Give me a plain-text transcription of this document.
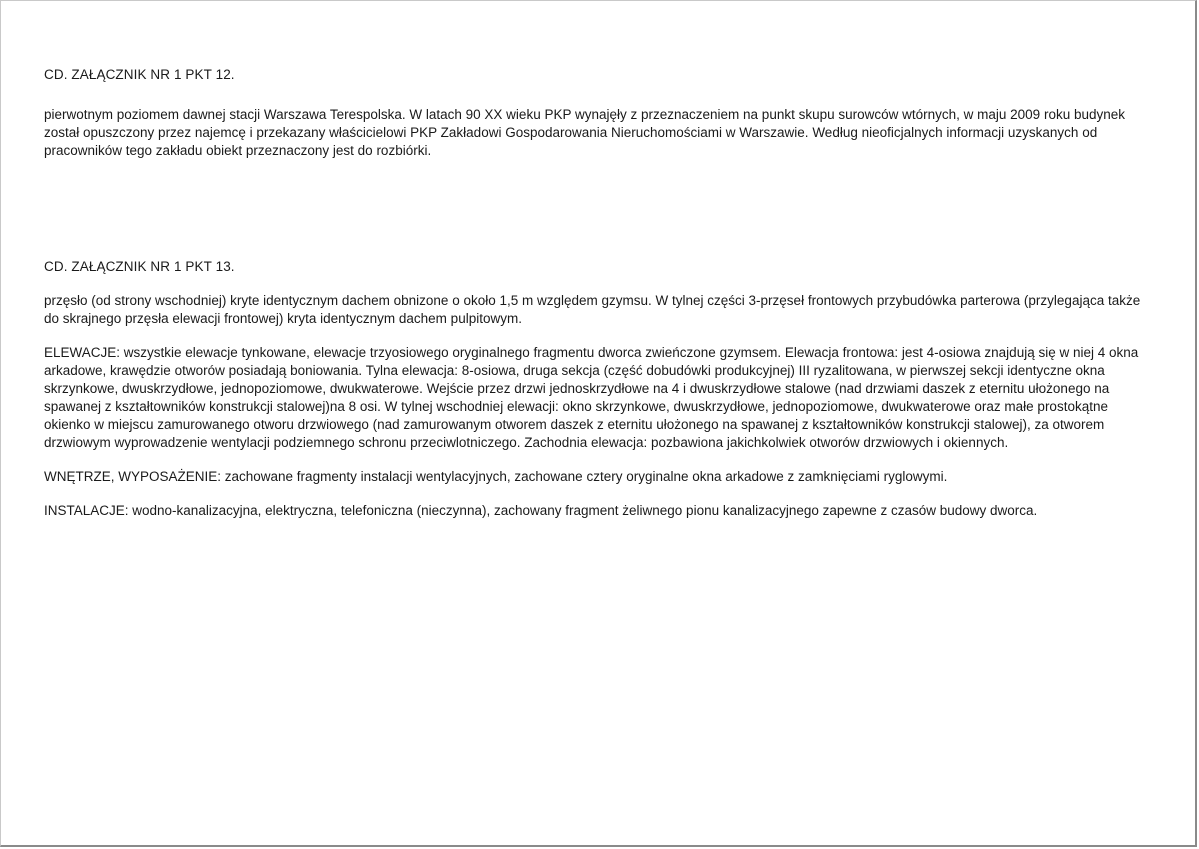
CD. ZAŁĄCZNIK NR 1 PKT 12.

pierwotnym poziomem dawnej stacji Warszawa Terespolska. W latach 90 XX wieku PKP wynajęły z przeznaczeniem na punkt skupu surowców wtórnych, w maju 2009 roku budynek został opuszczony przez najemcę i przekazany właścicielowi PKP Zakładowi Gospodarowania Nieruchomościami w Warszawie. Według nieoficjalnych informacji uzyskanych od pracowników tego zakładu obiekt przeznaczony jest do rozbiórki.

CD. ZAŁĄCZNIK NR 1 PKT 13.

przęsło (od strony wschodniej) kryte identycznym dachem obnizone o około 1,5 m względem gzymsu. W tylnej części 3-przęseł frontowych przybudówka parterowa (przylegająca także do skrajnego przęsła elewacji frontowej) kryta identycznym dachem pulpitowym.

ELEWACJE: wszystkie elewacje tynkowane, elewacje trzyosiowego oryginalnego fragmentu dworca zwieńczone gzymsem. Elewacja frontowa: jest 4-osiowa znajdują się w niej 4 okna arkadowe, krawędzie otworów posiadają boniowania. Tylna elewacja: 8-osiowa, druga sekcja (część dobudówki produkcyjnej) III ryzalitowana, w pierwszej sekcji identyczne okna skrzynkowe, dwuskrzydłowe, jednopoziomowe, dwukwaterowe. Wejście przez drzwi jednoskrzydłowe na 4 i dwuskrzydłowe stalowe (nad drzwiami daszek z eternitu ułożonego na spawanej z kształtowników konstrukcji stalowej)na 8 osi. W tylnej wschodniej elewacji: okno skrzynkowe, dwuskrzydłowe, jednopoziomowe, dwukwaterowe oraz małe prostokątne okienko w miejscu zamurowanego otworu drzwiowego (nad zamurowanym otworem daszek z eternitu ułożonego na spawanej z kształtowników konstrukcji stalowej), za otworem drzwiowym wyprowadzenie wentylacji podziemnego schronu przeciwlotniczego. Zachodnia elewacja: pozbawiona jakichkolwiek otworów drzwiowych i okiennych.

WNĘTRZE, WYPOSAŻENIE: zachowane fragmenty instalacji wentylacyjnych, zachowane cztery oryginalne okna arkadowe z zamknięciami ryglowymi.

INSTALACJE: wodno-kanalizacyjna, elektryczna, telefoniczna (nieczynna), zachowany fragment żeliwnego pionu kanalizacyjnego zapewne z czasów budowy dworca.
